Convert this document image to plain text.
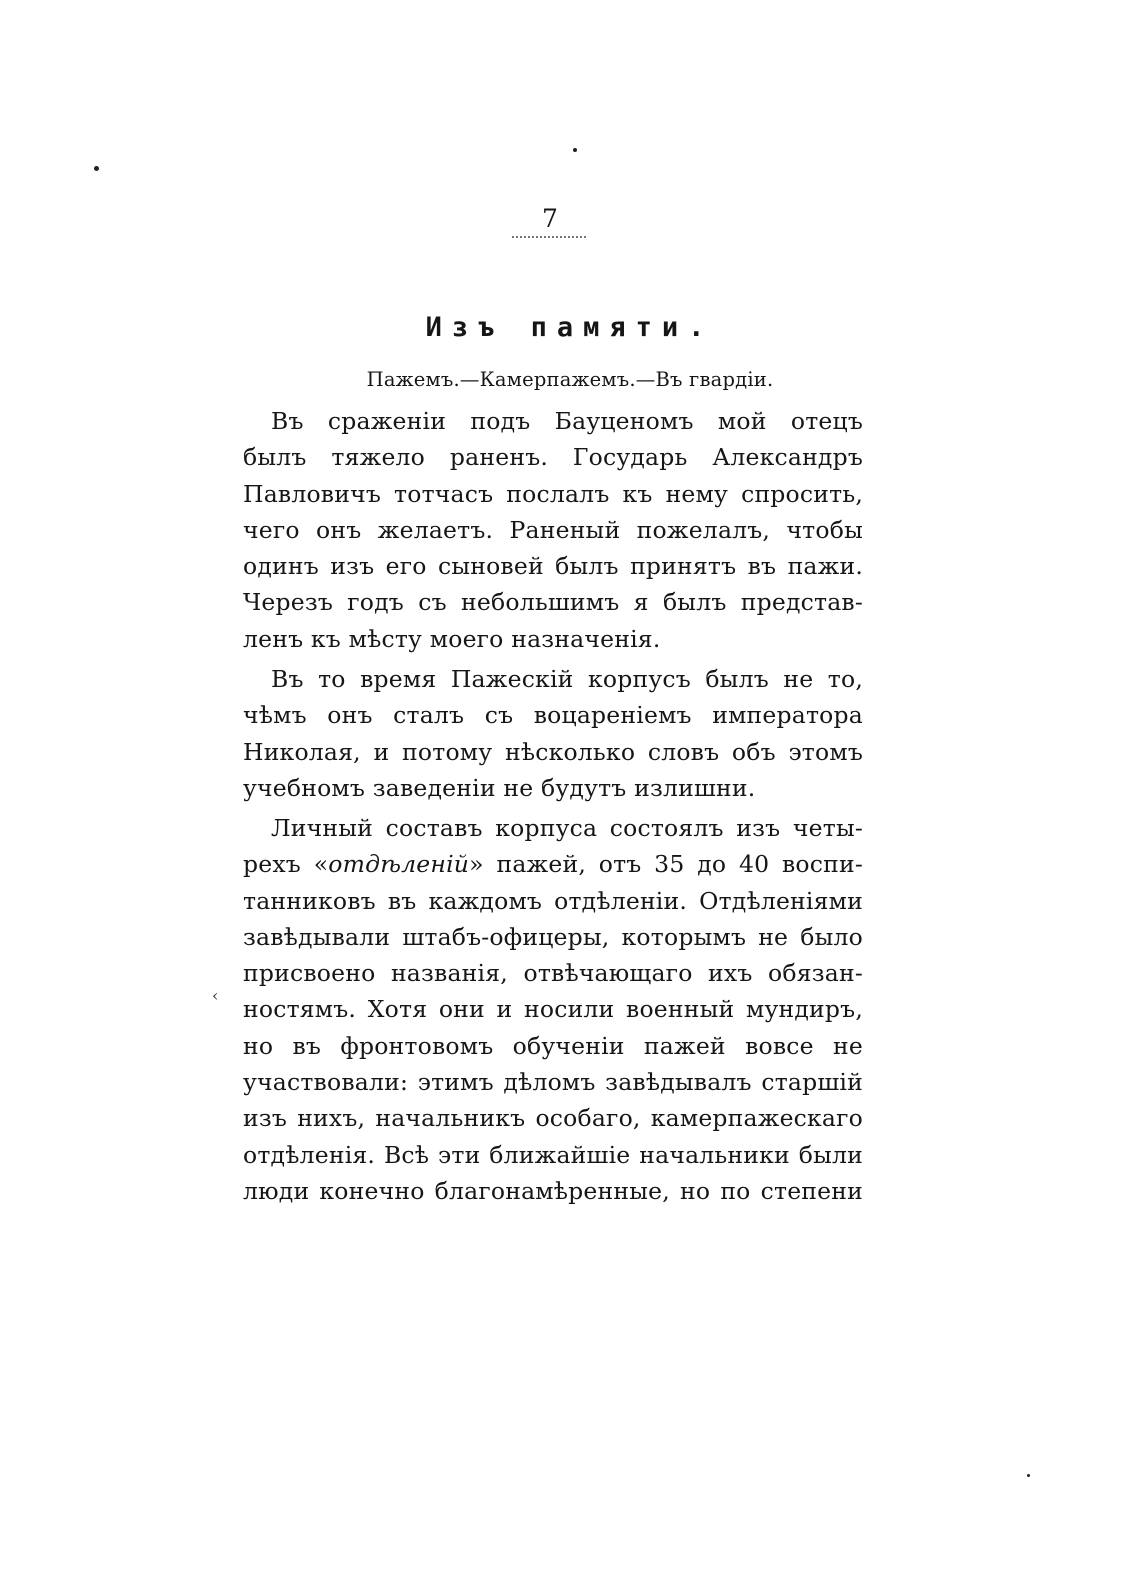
7
Изъ памяти.
Пажемъ.—Камерпажемъ.—Въ гвардіи.
Въ сраженіи подъ Бауценомъ мой отецъ
былъ тяжело раненъ. Государь Александръ
Павловичъ тотчасъ послалъ къ нему спросить,
чего онъ желаетъ. Раненый пожелалъ, чтобы
одинъ изъ его сыновей былъ принятъ въ пажи.
Черезъ годъ съ небольшимъ я былъ представ-
ленъ къ мѣсту моего назначенія.
Въ то время Пажескій корпусъ былъ не то,
чѣмъ онъ сталъ съ воцареніемъ императора
Николая, и потому нѣсколько словъ объ этомъ
учебномъ заведеніи не будутъ излишни.
Личный составъ корпуса состоялъ изъ четы-
рехъ «отдѣленій» пажей, отъ 35 до 40 воспи-
танниковъ въ каждомъ отдѣленіи. Отдѣленіями
завѣдывали штабъ-офицеры, которымъ не было
присвоено названія, отвѣчающаго ихъ обязан-
ностямъ. Хотя они и носили военный мундиръ,
но въ фронтовомъ обученіи пажей вовсе не
участвовали: этимъ дѣломъ завѣдывалъ старшій
изъ нихъ, начальникъ особаго, камерпажескаго
отдѣленія. Всѣ эти ближайшіе начальники были
люди конечно благонамѣренные, но по степени
‹
